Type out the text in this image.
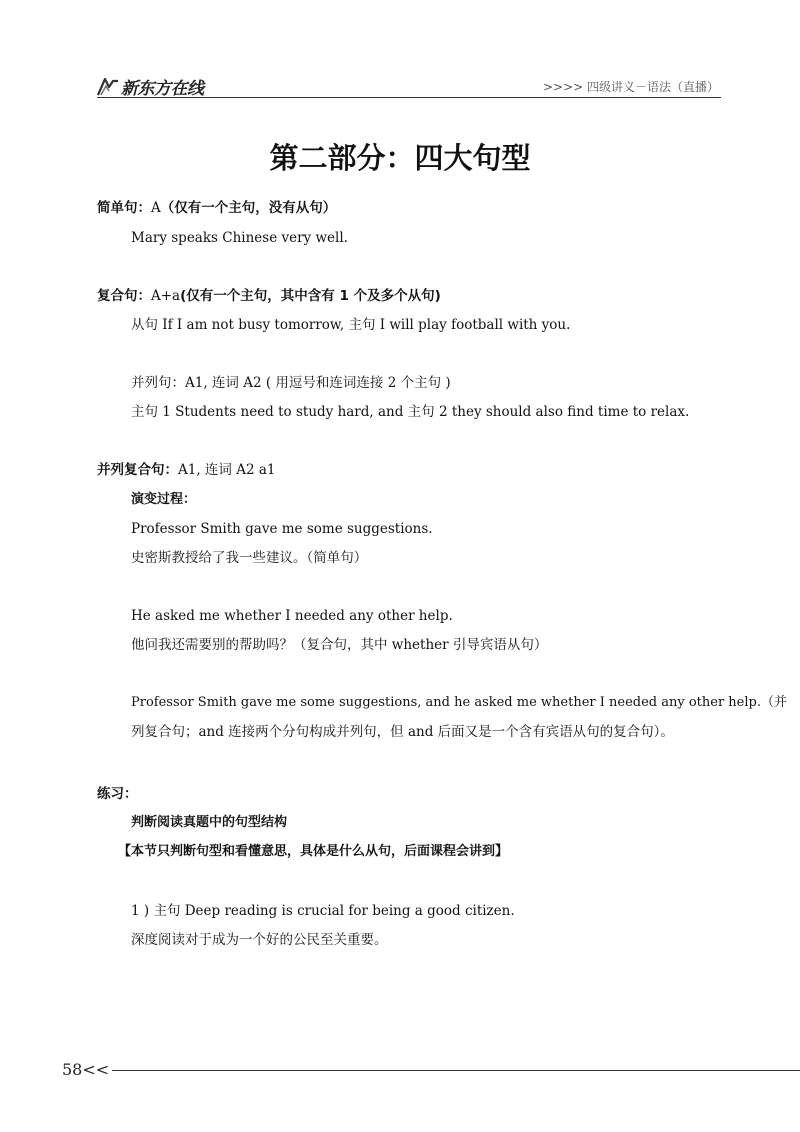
新东方在线	>>>> 四级讲义－语法（直播）
第二部分：四大句型
简单句：A（仅有一个主句，没有从句）
Mary speaks Chinese very well.
复合句：A+a(仅有一个主句，其中含有 1 个及多个从句)
从句 If I am not busy tomorrow, 主句 I will play football with you.
并列句：A1, 连词 A2 ( 用逗号和连词连接 2 个主句 )
主句 1 Students need to study hard, and 主句 2 they should also find time to relax.
并列复合句：A1, 连词 A2 a1
演变过程：
Professor Smith gave me some suggestions.
史密斯教授给了我一些建议。（简单句）
He asked me whether I needed any other help.
他问我还需要别的帮助吗？（复合句，其中 whether 引导宾语从句）
Professor Smith gave me some suggestions, and he asked me whether I needed any other help.（并
列复合句；and 连接两个分句构成并列句，但 and 后面又是一个含有宾语从句的复合句）。
练习：
判断阅读真题中的句型结构
【本节只判断句型和看懂意思，具体是什么从句，后面课程会讲到】
1 ) 主句 Deep reading is crucial for being a good citizen.
深度阅读对于成为一个好的公民至关重要。
58<<
